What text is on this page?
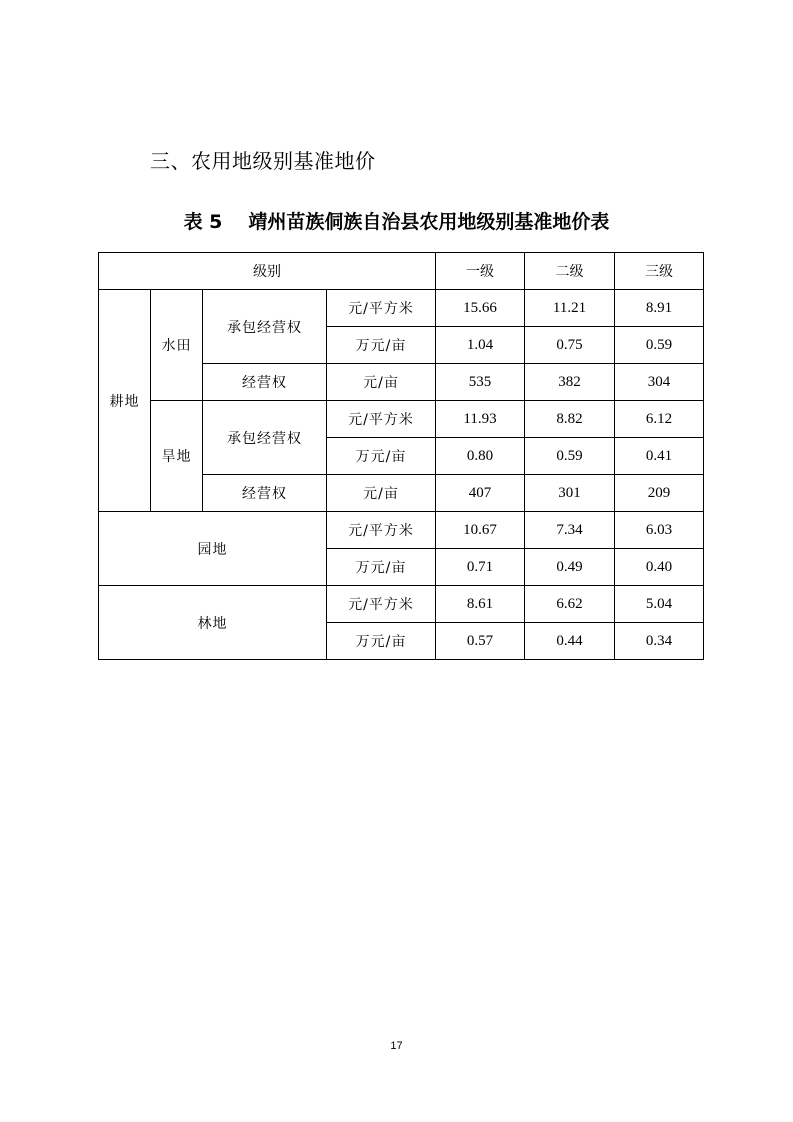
三、农用地级别基准地价
表 5 靖州苗族侗族自治县农用地级别基准地价表
级别				一级	二级	三级
耕地	水田	承包经营权	元/平方米	15.66	11.21	8.91
			万元/亩	1.04	0.75	0.59
		经营权	元/亩	535	382	304
	旱地	承包经营权	元/平方米	11.93	8.82	6.12
			万元/亩	0.80	0.59	0.41
		经营权	元/亩	407	301	209
园地			元/平方米	10.67	7.34	6.03
			万元/亩	0.71	0.49	0.40
林地			元/平方米	8.61	6.62	5.04
			万元/亩	0.57	0.44	0.34
17
